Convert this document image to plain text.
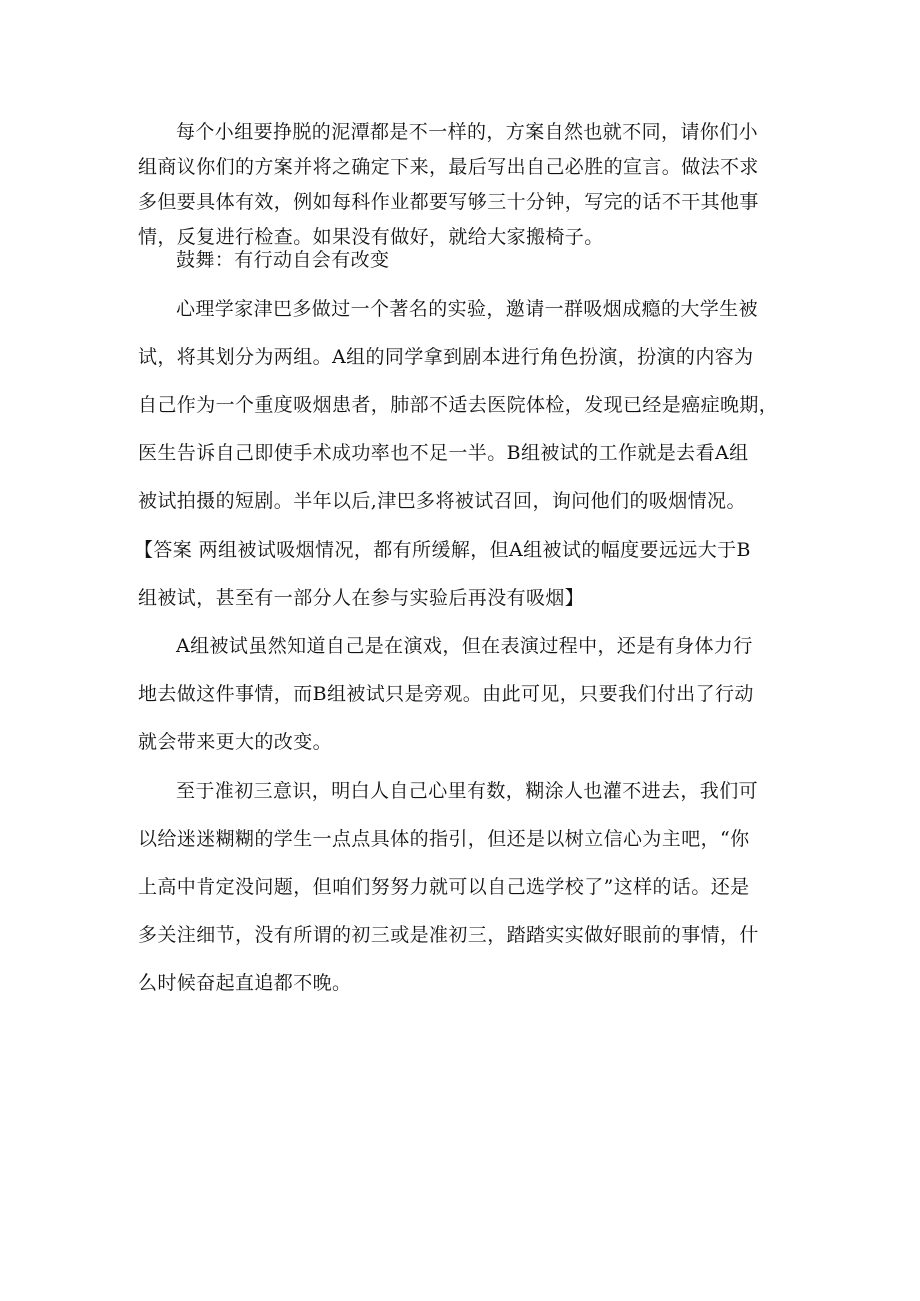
每个小组要挣脱的泥潭都是不一样的，方案自然也就不同，请你们小
组商议你们的方案并将之确定下来，最后写出自己必胜的宣言。做法不求
多但要具体有效，例如每科作业都要写够三十分钟，写完的话不干其他事
情，反复进行检查。如果没有做好，就给大家搬椅子。
鼓舞：有行动自会有改变
心理学家津巴多做过一个著名的实验，邀请一群吸烟成瘾的大学生被
试，将其划分为两组。A组的同学拿到剧本进行角色扮演，扮演的内容为
自己作为一个重度吸烟患者，肺部不适去医院体检，发现已经是癌症晚期，
医生告诉自己即使手术成功率也不足一半。B组被试的工作就是去看A组
被试拍摄的短剧。半年以后,津巴多将被试召回，询问他们的吸烟情况。
【答案 两组被试吸烟情况，都有所缓解，但A组被试的幅度要远远大于B
组被试，甚至有一部分人在参与实验后再没有吸烟】
A组被试虽然知道自己是在演戏，但在表演过程中，还是有身体力行
地去做这件事情，而B组被试只是旁观。由此可见，只要我们付出了行动
就会带来更大的改变。
至于准初三意识，明白人自己心里有数，糊涂人也灌不进去，我们可
以给迷迷糊糊的学生一点点具体的指引，但还是以树立信心为主吧，“你
上高中肯定没问题，但咱们努努力就可以自己选学校了”这样的话。还是
多关注细节，没有所谓的初三或是准初三，踏踏实实做好眼前的事情，什
么时候奋起直追都不晚。
